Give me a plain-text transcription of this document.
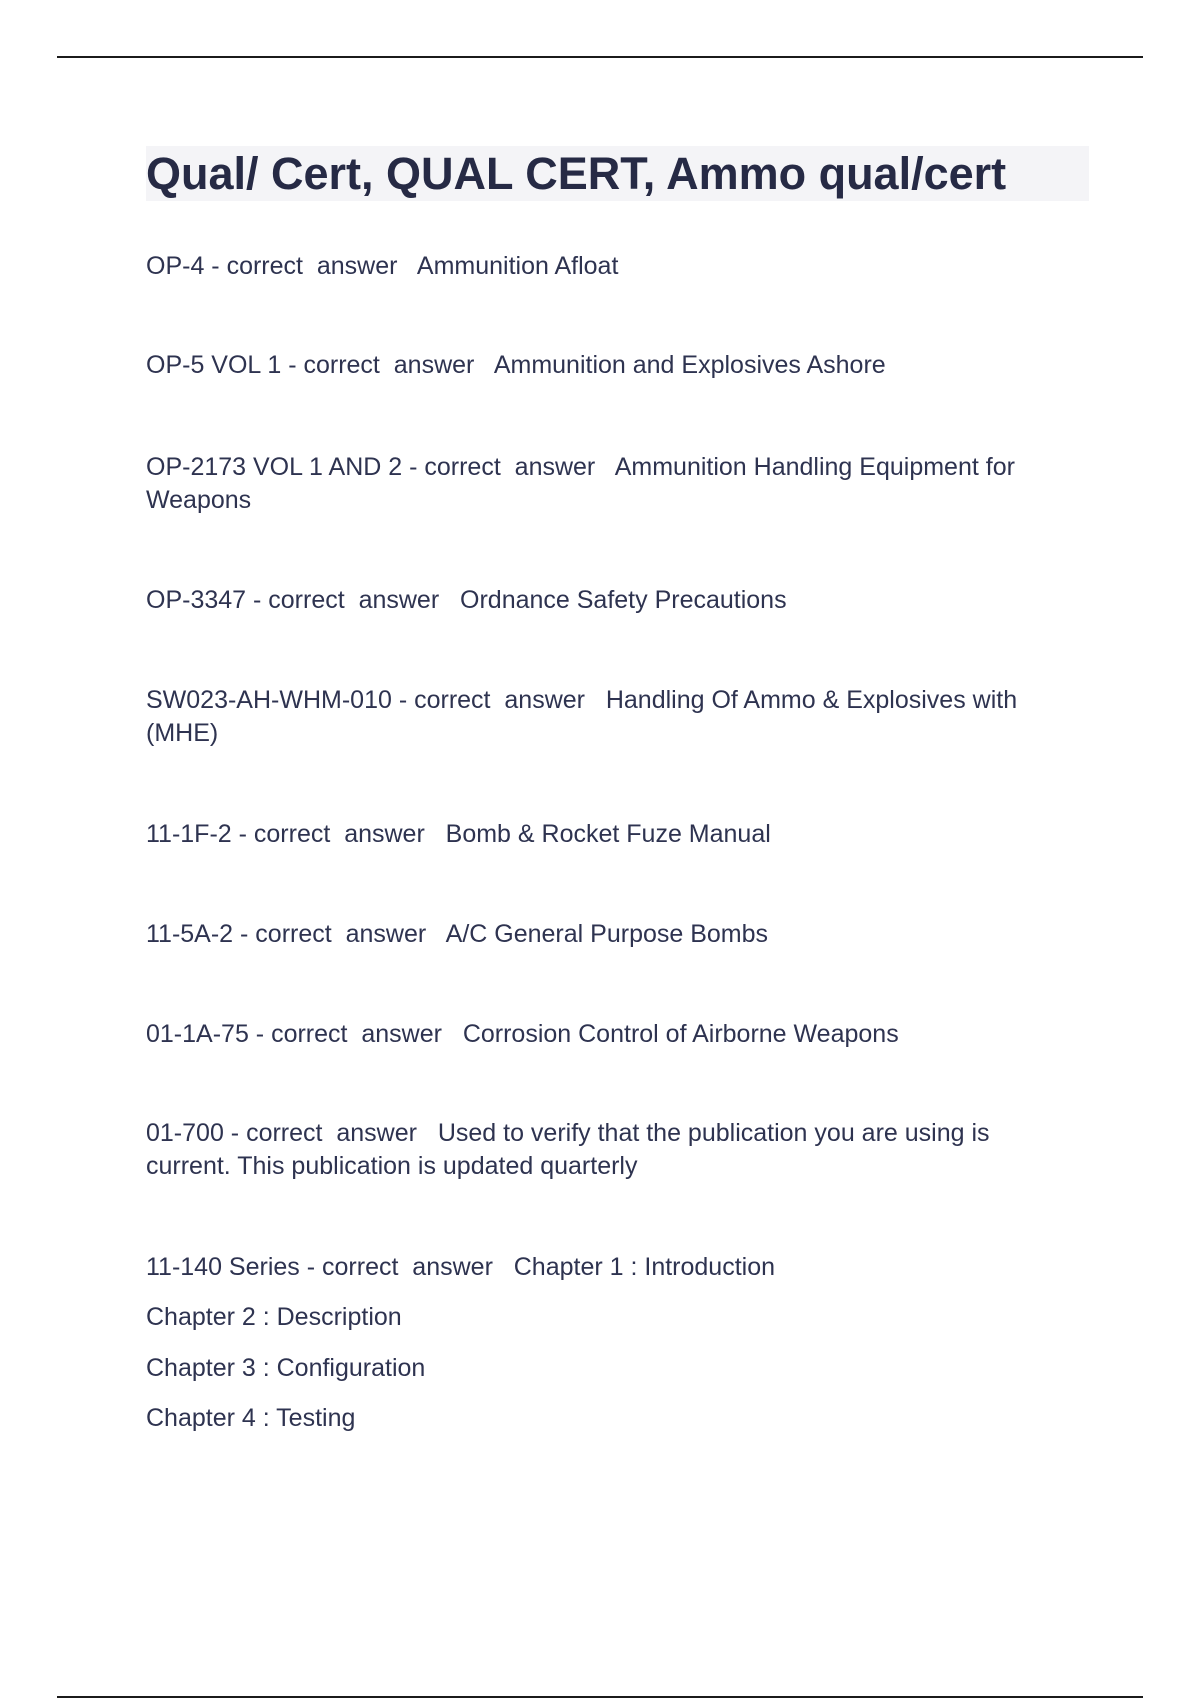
Qual/ Cert, QUAL CERT, Ammo qual/cert
OP-4 - correct  answer   Ammunition Afloat
OP-5 VOL 1 - correct  answer   Ammunition and Explosives Ashore
OP-2173 VOL 1 AND 2 - correct  answer   Ammunition Handling Equipment for Weapons
OP-3347 - correct  answer   Ordnance Safety Precautions
SW023-AH-WHM-010 - correct  answer   Handling Of Ammo & Explosives with (MHE)
11-1F-2 - correct  answer   Bomb & Rocket Fuze Manual
11-5A-2 - correct  answer   A/C General Purpose Bombs
01-1A-75 - correct  answer   Corrosion Control of Airborne Weapons
01-700 - correct  answer   Used to verify that the publication you are using is current. This publication is updated quarterly
11-140 Series - correct  answer   Chapter 1 : Introduction
Chapter 2 : Description
Chapter 3 : Configuration
Chapter 4 : Testing
